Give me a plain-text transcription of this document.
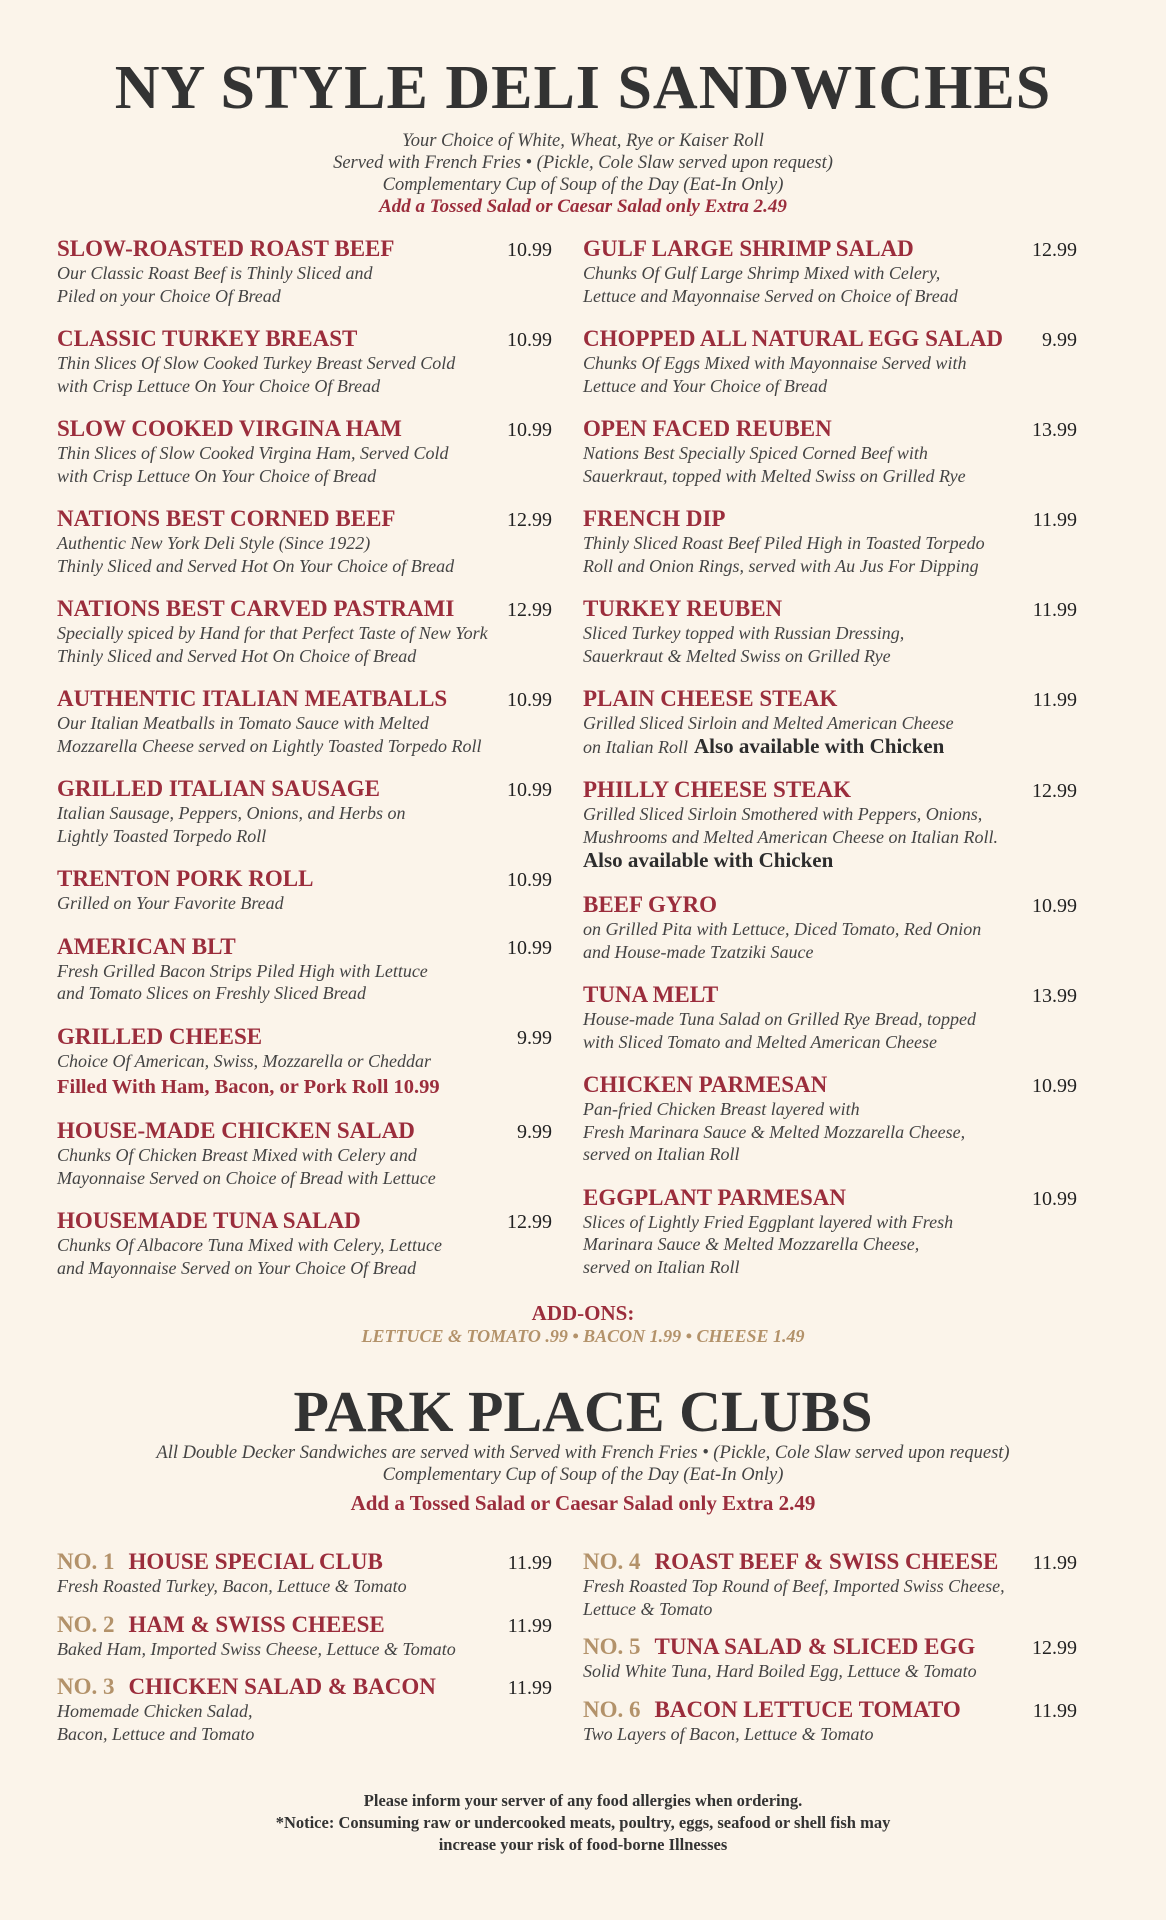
NY STYLE DELI SANDWICHES
Your Choice of White, Wheat, Rye or Kaiser Roll
Served with French Fries • (Pickle, Cole Slaw served upon request)
Complementary Cup of Soup of the Day (Eat-In Only)
Add a Tossed Salad or Caesar Salad only Extra 2.49
SLOW-ROASTED ROAST BEEF	10.99
Our Classic Roast Beef is Thinly Sliced and
Piled on your Choice Of Bread
CLASSIC TURKEY BREAST	10.99
Thin Slices Of Slow Cooked Turkey Breast Served Cold
with Crisp Lettuce On Your Choice Of Bread
SLOW COOKED VIRGINA HAM	10.99
Thin Slices of Slow Cooked Virgina Ham, Served Cold
with Crisp Lettuce On Your Choice of Bread
NATIONS BEST CORNED BEEF	12.99
Authentic New York Deli Style (Since 1922)
Thinly Sliced and Served Hot On Your Choice of Bread
NATIONS BEST CARVED PASTRAMI	12.99
Specially spiced by Hand for that Perfect Taste of New York
Thinly Sliced and Served Hot On Choice of Bread
AUTHENTIC ITALIAN MEATBALLS	10.99
Our Italian Meatballs in Tomato Sauce with Melted
Mozzarella Cheese served on Lightly Toasted Torpedo Roll
GRILLED ITALIAN SAUSAGE	10.99
Italian Sausage, Peppers, Onions, and Herbs on
Lightly Toasted Torpedo Roll
TRENTON PORK ROLL	10.99
Grilled on Your Favorite Bread
AMERICAN BLT	10.99
Fresh Grilled Bacon Strips Piled High with Lettuce
and Tomato Slices on Freshly Sliced Bread
GRILLED CHEESE	9.99
Choice Of American, Swiss, Mozzarella or Cheddar
Filled With Ham, Bacon, or Pork Roll 10.99
HOUSE-MADE CHICKEN SALAD	9.99
Chunks Of Chicken Breast Mixed with Celery and
Mayonnaise Served on Choice of Bread with Lettuce
HOUSEMADE TUNA SALAD	12.99
Chunks Of Albacore Tuna Mixed with Celery, Lettuce
and Mayonnaise Served on Your Choice Of Bread
GULF LARGE SHRIMP SALAD	12.99
Chunks Of Gulf Large Shrimp Mixed with Celery,
Lettuce and Mayonnaise Served on Choice of Bread
CHOPPED ALL NATURAL EGG SALAD 9.99
Chunks Of Eggs Mixed with Mayonnaise Served with
Lettuce and Your Choice of Bread
OPEN FACED REUBEN	13.99
Nations Best Specially Spiced Corned Beef with
Sauerkraut, topped with Melted Swiss on Grilled Rye
FRENCH DIP	11.99
Thinly Sliced Roast Beef Piled High in Toasted Torpedo
Roll and Onion Rings, served with Au Jus For Dipping
TURKEY REUBEN	11.99
Sliced Turkey topped with Russian Dressing,
Sauerkraut & Melted Swiss on Grilled Rye
PLAIN CHEESE STEAK	11.99
Grilled Sliced Sirloin and Melted American Cheese
on Italian Roll Also available with Chicken
PHILLY CHEESE STEAK	12.99
Grilled Sliced Sirloin Smothered with Peppers, Onions,
Mushrooms and Melted American Cheese on Italian Roll.
Also available with Chicken
BEEF GYRO	10.99
on Grilled Pita with Lettuce, Diced Tomato, Red Onion
and House-made Tzatziki Sauce
TUNA MELT	13.99
House-made Tuna Salad on Grilled Rye Bread, topped
with Sliced Tomato and Melted American Cheese
CHICKEN PARMESAN	10.99
Pan-fried Chicken Breast layered with
Fresh Marinara Sauce & Melted Mozzarella Cheese,
served on Italian Roll
EGGPLANT PARMESAN	10.99
Slices of Lightly Fried Eggplant layered with Fresh
Marinara Sauce & Melted Mozzarella Cheese,
served on Italian Roll
ADD-ONS:
LETTUCE & TOMATO .99 • BACON 1.99 • CHEESE 1.49
PARK PLACE CLUBS
All Double Decker Sandwiches are served with Served with French Fries • (Pickle, Cole Slaw served upon request)
Complementary Cup of Soup of the Day (Eat-In Only)
Add a Tossed Salad or Caesar Salad only Extra 2.49
NO. 1 HOUSE SPECIAL CLUB	11.99
Fresh Roasted Turkey, Bacon, Lettuce & Tomato
NO. 2 HAM & SWISS CHEESE	11.99
Baked Ham, Imported Swiss Cheese, Lettuce & Tomato
NO. 3 CHICKEN SALAD & BACON	11.99
Homemade Chicken Salad,
Bacon, Lettuce and Tomato
NO. 4 ROAST BEEF & SWISS CHEESE 11.99
Fresh Roasted Top Round of Beef, Imported Swiss Cheese,
Lettuce & Tomato
NO. 5 TUNA SALAD & SLICED EGG	12.99
Solid White Tuna, Hard Boiled Egg, Lettuce & Tomato
NO. 6 BACON LETTUCE TOMATO	11.99
Two Layers of Bacon, Lettuce & Tomato
Please inform your server of any food allergies when ordering.
*Notice: Consuming raw or undercooked meats, poultry, eggs, seafood or shell fish may
increase your risk of food-borne Illnesses
